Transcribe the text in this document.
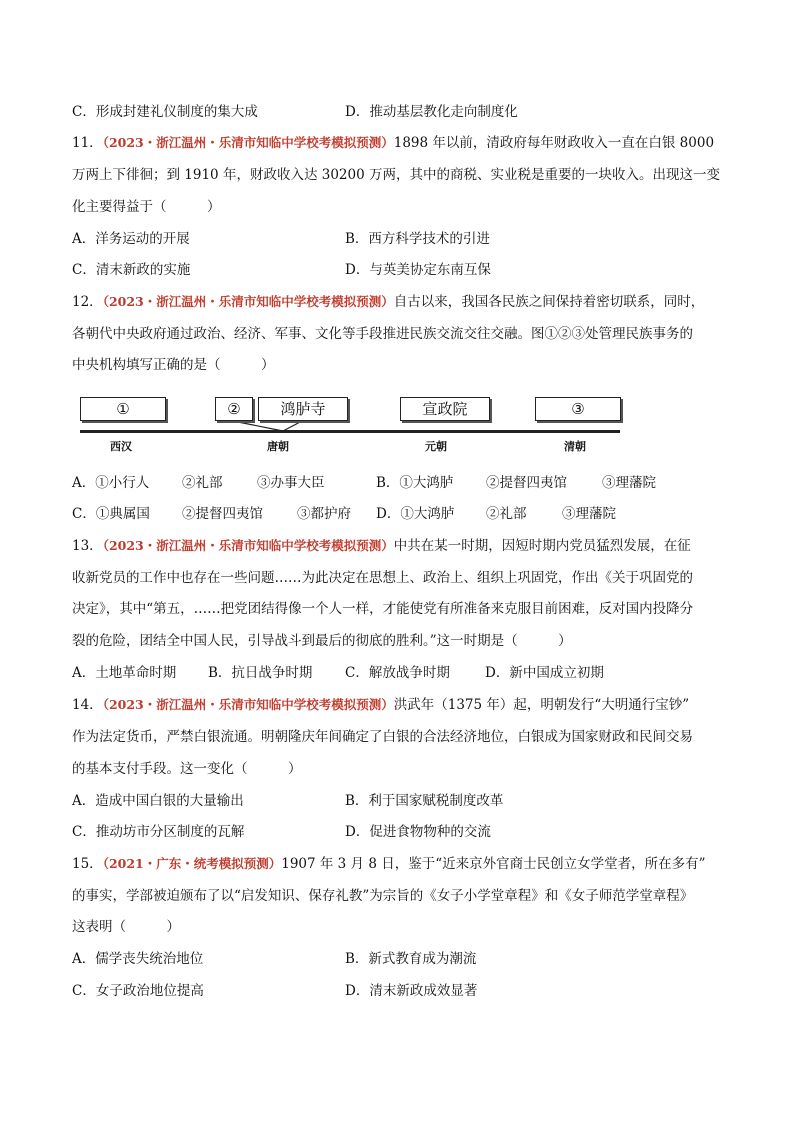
C．形成封建礼仪制度的集大成	D．推动基层教化走向制度化
11．（2023・浙江温州・乐清市知临中学校考模拟预测）1898 年以前，清政府每年财政收入一直在白银 8000
万两上下徘徊；到 1910 年，财政收入达 30200 万两，其中的商税、实业税是重要的一块收入。出现这一变
化主要得益于（　　　）
A．洋务运动的开展	B．西方科学技术的引进
C．清末新政的实施	D．与英美协定东南互保
12．（2023・浙江温州・乐清市知临中学校考模拟预测）自古以来，我国各民族之间保持着密切联系，同时，
各朝代中央政府通过政治、经济、军事、文化等手段推进民族交流交往交融。图①②③处管理民族事务的
中央机构填写正确的是（　　　）
①	②	鸿胪寺	宣政院	③
西汉	唐朝	元朝	清朝
A．①小行人 ②礼部	③办事大臣	B．①大鸿胪 ②提督四夷馆	③理藩院
C．①典属国 ②提督四夷馆	③都护府 D．①大鸿胪 ②礼部	③理藩院
13．（2023・浙江温州・乐清市知临中学校考模拟预测）中共在某一时期，因短时期内党员猛烈发展，在征
收新党员的工作中也存在一些问题……为此决定在思想上、政治上、组织上巩固党，作出《关于巩固党的
决定》，其中“第五，……把党团结得像一个人一样，才能使党有所准备来克服目前困难，反对国内投降分
裂的危险，团结全中国人民，引导战斗到最后的彻底的胜利。”这一时期是（　　　）
A．土地革命时期 B．抗日战争时期 C．解放战争时期	D．新中国成立初期
14．（2023・浙江温州・乐清市知临中学校考模拟预测）洪武年（1375 年）起，明朝发行“大明通行宝钞”
作为法定货币，严禁白银流通。明朝隆庆年间确定了白银的合法经济地位，白银成为国家财政和民间交易
的基本支付手段。这一变化（　　　）
A．造成中国白银的大量输出	B．利于国家赋税制度改革
C．推动坊市分区制度的瓦解	D．促进食物物种的交流
15．（2021・广东・统考模拟预测）1907 年 3 月 8 日，鉴于“近来京外官商士民创立女学堂者，所在多有”
的事实，学部被迫颁布了以“启发知识、保存礼教”为宗旨的《女子小学堂章程》和《女子师范学堂章程》
这表明（　　　）
A．儒学丧失统治地位	B．新式教育成为潮流
C．女子政治地位提高	D．清末新政成效显著
